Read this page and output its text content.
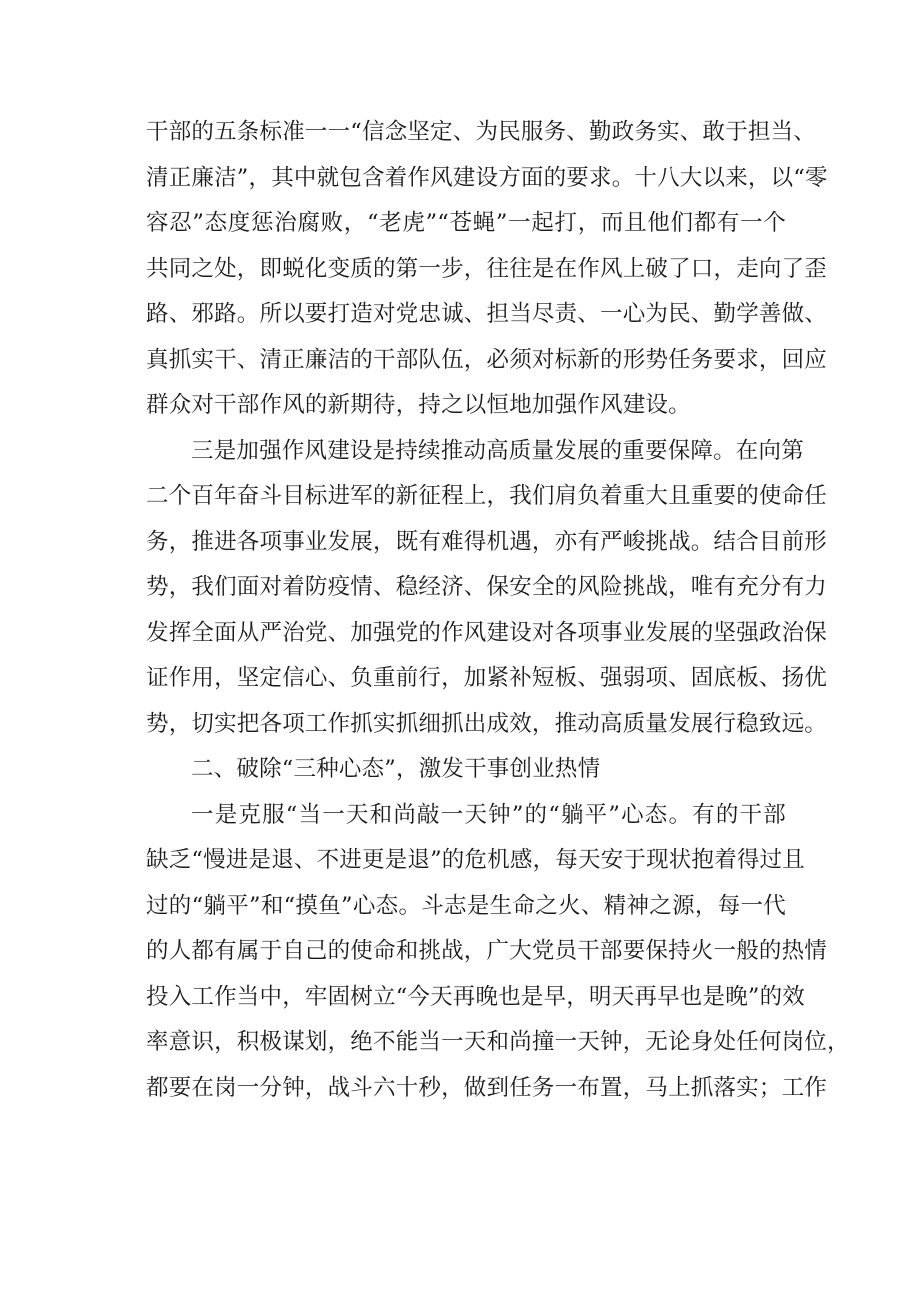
干部的五条标准一一“信念坚定、为民服务、勤政务实、敢于担当、
清正廉洁”，其中就包含着作风建设方面的要求。十八大以来，以“零
容忍”态度惩治腐败，“老虎”“苍蝇”一起打，而且他们都有一个
共同之处，即蜕化变质的第一步，往往是在作风上破了口，走向了歪
路、邪路。所以要打造对党忠诚、担当尽责、一心为民、勤学善做、
真抓实干、清正廉洁的干部队伍，必须对标新的形势任务要求，回应
群众对干部作风的新期待，持之以恒地加强作风建设。
三是加强作风建设是持续推动高质量发展的重要保障。在向第
二个百年奋斗目标进军的新征程上，我们肩负着重大且重要的使命任
务，推进各项事业发展，既有难得机遇，亦有严峻挑战。结合目前形
势，我们面对着防疫情、稳经济、保安全的风险挑战，唯有充分有力
发挥全面从严治党、加强党的作风建设对各项事业发展的坚强政治保
证作用，坚定信心、负重前行，加紧补短板、强弱项、固底板、扬优
势，切实把各项工作抓实抓细抓出成效，推动高质量发展行稳致远。
二、破除“三种心态”，激发干事创业热情
一是克服“当一天和尚敲一天钟”的“躺平”心态。有的干部
缺乏“慢进是退、不进更是退”的危机感，每天安于现状抱着得过且
过的“躺平”和“摸鱼”心态。斗志是生命之火、精神之源，每一代
的人都有属于自己的使命和挑战，广大党员干部要保持火一般的热情
投入工作当中，牢固树立“今天再晚也是早，明天再早也是晚”的效
率意识，积极谋划，绝不能当一天和尚撞一天钟，无论身处任何岗位，
都要在岗一分钟，战斗六十秒，做到任务一布置，马上抓落实；工作
